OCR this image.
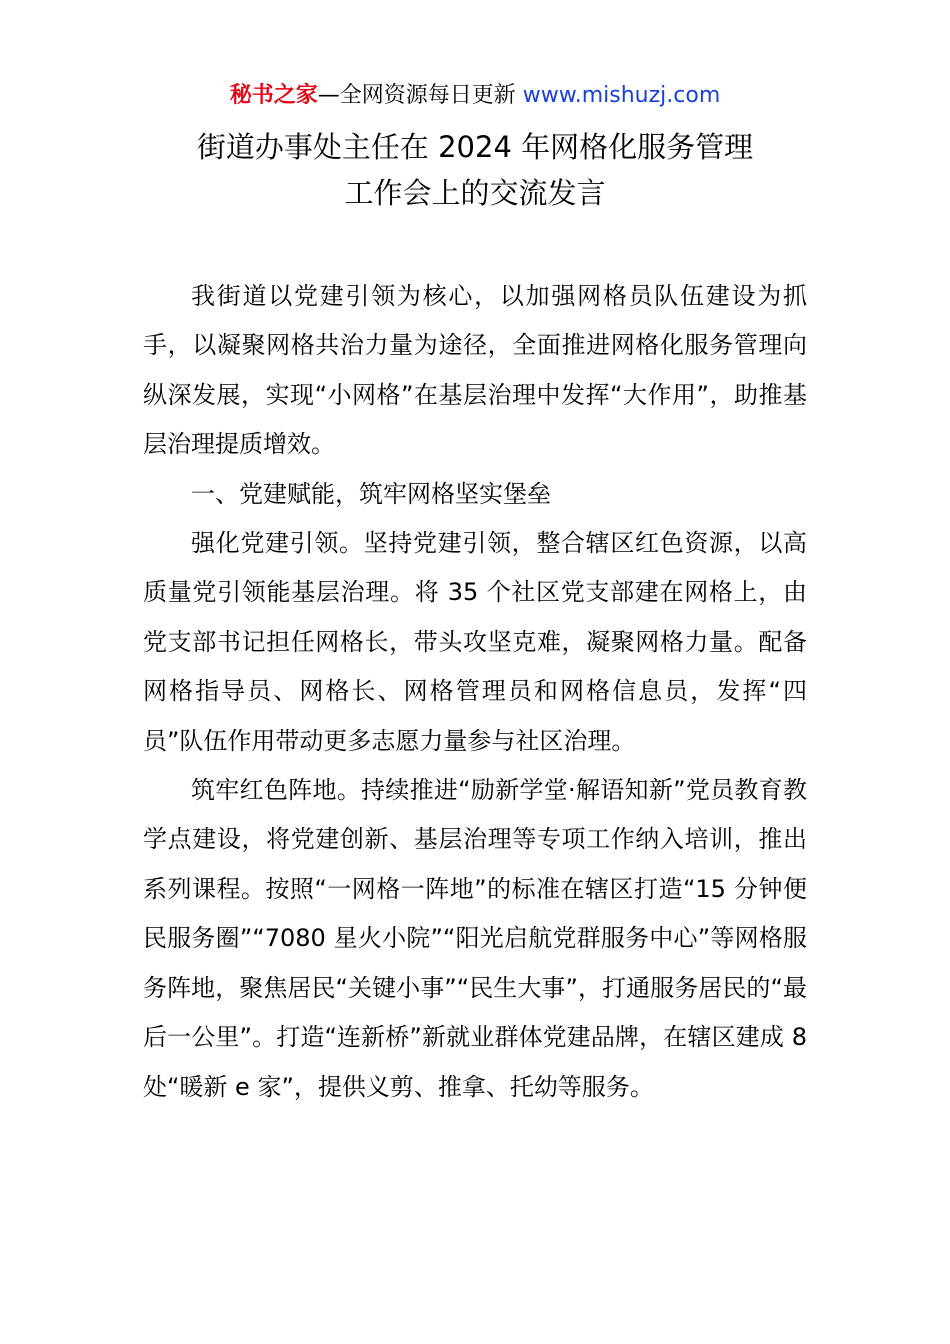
秘书之家—全网资源每日更新 www.mishuzj.com
街道办事处主任在 2024 年网格化服务管理
工作会上的交流发言

我街道以党建引领为核心，以加强网格员队伍建设为抓手，以凝聚网格共治力量为途径，全面推进网格化服务管理向纵深发展，实现“小网格”在基层治理中发挥“大作用”，助推基层治理提质增效。

一、党建赋能，筑牢网格坚实堡垒

强化党建引领。坚持党建引领，整合辖区红色资源，以高质量党引领能基层治理。将 35 个社区党支部建在网格上，由党支部书记担任网格长，带头攻坚克难，凝聚网格力量。配备网格指导员、网格长、网格管理员和网格信息员，发挥“四员”队伍作用带动更多志愿力量参与社区治理。

筑牢红色阵地。持续推进“励新学堂·解语知新”党员教育教学点建设，将党建创新、基层治理等专项工作纳入培训，推出系列课程。按照“一网格一阵地”的标准在辖区打造“15 分钟便民服务圈”“7080 星火小院”“阳光启航党群服务中心”等网格服务阵地，聚焦居民“关键小事”“民生大事”，打通服务居民的“最后一公里”。打造“连新桥”新就业群体党建品牌，在辖区建成 8 处“暖新 e 家”，提供义剪、推拿、托幼等服务。
